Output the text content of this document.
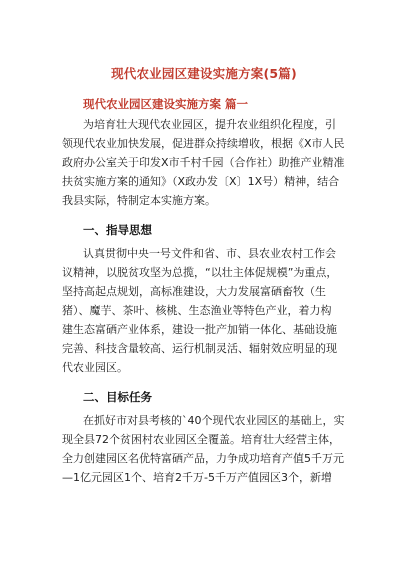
现代农业园区建设实施方案(5篇)
现代农业园区建设实施方案 篇一
为培育壮大现代农业园区，提升农业组织化程度，引
领现代农业加快发展，促进群众持续增收，根据《X市人民
政府办公室关于印发X市千村千园（合作社）助推产业精准
扶贫实施方案的通知》（X政办发〔X〕1X号）精神，结合
我县实际，特制定本实施方案。
一、指导思想
认真贯彻中央一号文件和省、市、县农业农村工作会
议精神，以脱贫攻坚为总揽，“以壮主体促规模”为重点，
坚持高起点规划，高标准建设，大力发展富硒畜牧（生
猪）、魔芋、茶叶、核桃、生态渔业等特色产业，着力构
建生态富硒产业体系，建设一批产加销一体化、基础设施
完善、科技含量较高、运行机制灵活、辐射效应明显的现
代农业园区。
二、目标任务
在抓好市对县考核的`40个现代农业园区的基础上，实
现全县72个贫困村农业园区全覆盖。培育壮大经营主体，
全力创建园区名优特富硒产品，力争成功培育产值5千万元
—1亿元园区1个、培育2千万-5千万产值园区3个，新增
